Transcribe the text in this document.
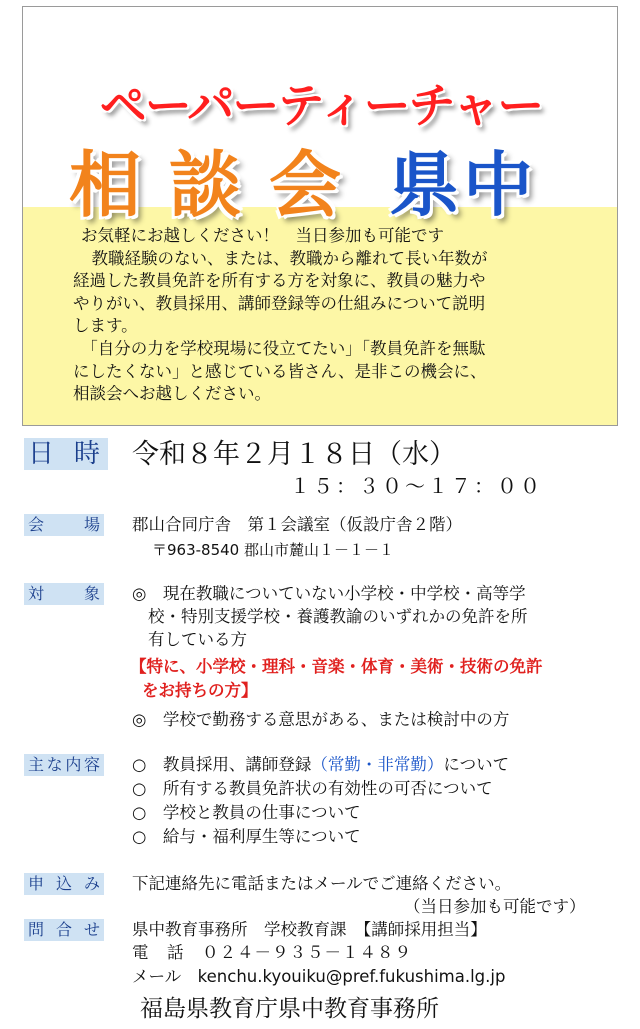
ペーパーティーチャー
相談会 県中

お気軽にお越しください！　当日参加も可能です

　教職経験のない、または、教職から離れて長い年数が

経過した教員免許を所有する方を対象に、教員の魅力や

やりがい、教員採用、講師登録等の仕組みについて説明

します。

　「自分の力を学校現場に役立てたい」「教員免許を無駄

にしたくない」と感じている皆さん、是非この機会に、

相談会へお越しください。

日時 令和８年２月１８日（水）
１５：３０～１７：００
会場 郡山合同庁舎　第１会議室（仮設庁舎２階）
〒963-8540 郡山市麓山１－１－１
対象 ◎　現在教職についていない小学校・中学校・高等学
校・特別支援学校・養護教諭のいずれかの免許を所
有している方
【特に、小学校・理科・音楽・体育・美術・技術の免許
をお持ちの方】
◎　学校で勤務する意思がある、または検討中の方
主な内容 ○　教員採用、講師登録（常勤・非常勤）について
○　所有する教員免許状の有効性の可否について
○　学校と教員の仕事について
○　給与・福利厚生等について
申込み 下記連絡先に電話またはメールでご連絡ください。
（当日参加も可能です）
問合せ 県中教育事務所　学校教育課　【講師採用担当】
電　話　０２４－９３５－１４８９
メール　kenchu.kyouiku@pref.fukushima.lg.jp
福島県教育庁県中教育事務所
